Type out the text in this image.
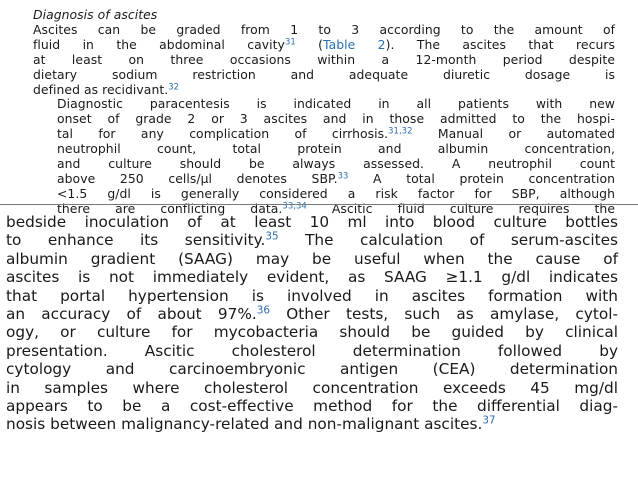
Diagnosis of ascites

Ascites can be graded from 1 to 3 according to the amount of
fluid in the abdominal cavity$^{31}$ (Table 2). The ascites that recurs
at least on three occasions within a 12-month period despite
dietary sodium restriction and adequate diuretic dosage is
defined as recidivant.$^{32}$

Diagnostic paracentesis is indicated in all patients with new
onset of grade 2 or 3 ascites and in those admitted to the hospi-
tal for any complication of cirrhosis.$^{31,32}$ Manual or automated
neutrophil count, total protein and albumin concentration,
and culture should be always assessed. A neutrophil count
above 250 cells/µl denotes SBP.$^{33}$ A total protein concentration
<1.5 g/dl is generally considered a risk factor for SBP, although
there are conflicting data.$^{33,34}$ Ascitic fluid culture requires the

bedside inoculation of at least 10 ml into blood culture bottles
to enhance its sensitivity.$^{35}$ The calculation of serum-ascites
albumin gradient (SAAG) may be useful when the cause of
ascites is not immediately evident, as SAAG ≥1.1 g/dl indicates
that portal hypertension is involved in ascites formation with
an accuracy of about 97%.$^{36}$ Other tests, such as amylase, cytol-
ogy, or culture for mycobacteria should be guided by clinical
presentation. Ascitic cholesterol determination followed by
cytology and carcinoembryonic antigen (CEA) determination
in samples where cholesterol concentration exceeds 45 mg/dl
appears to be a cost-effective method for the differential diag-
nosis between malignancy-related and non-malignant ascites.$^{37}$
